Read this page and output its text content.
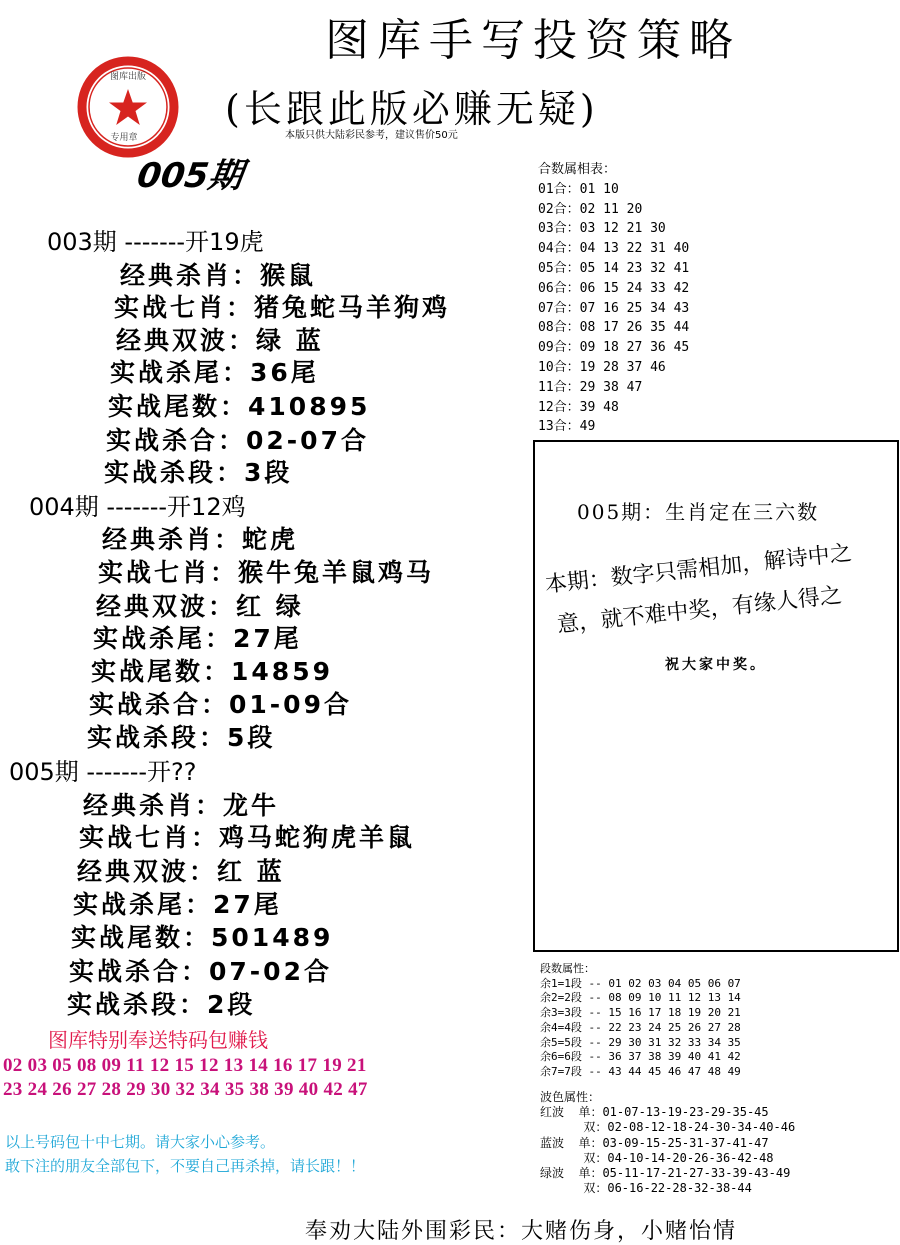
图库手写投资策略
(长跟此版必赚无疑)
本版只供大陆彩民参考，建议售价50元
图库出版
专用章
005期
003期 -------开19虎
经典杀肖：猴鼠
实战七肖：猪兔蛇马羊狗鸡
经典双波：绿 蓝
实战杀尾：36尾
实战尾数：410895
实战杀合：02-07合
实战杀段：3段
004期 -------开12鸡
经典杀肖：蛇虎
实战七肖：猴牛兔羊鼠鸡马
经典双波：红 绿
实战杀尾：27尾
实战尾数：14859
实战杀合：01-09合
实战杀段：5段
005期 -------开??
经典杀肖：龙牛
实战七肖：鸡马蛇狗虎羊鼠
经典双波：红 蓝
实战杀尾：27尾
实战尾数：501489
实战杀合：07-02合
实战杀段：2段
合数属相表：
01合：01 10
02合：02 11 20
03合：03 12 21 30
04合：04 13 22 31 40
05合：05 14 23 32 41
06合：06 15 24 33 42
07合：07 16 25 34 43
08合：08 17 26 35 44
09合：09 18 27 36 45
10合：19 28 37 46
11合：29 38 47
12合：39 48
13合：49
005期：生肖定在三六数
本期：数字只需相加，解诗中之
意，就不难中奖，有缘人得之
祝大家中奖。
段数属性：
余1=1段 -- 01 02 03 04 05 06 07
余2=2段 -- 08 09 10 11 12 13 14
余3=3段 -- 15 16 17 18 19 20 21
余4=4段 -- 22 23 24 25 26 27 28
余5=5段 -- 29 30 31 32 33 34 35
余6=6段 -- 36 37 38 39 40 41 42
余7=7段 -- 43 44 45 46 47 48 49
波色属性：
红波  单：01-07-13-19-23-29-35-45
双：02-08-12-18-24-30-34-40-46
蓝波  单：03-09-15-25-31-37-41-47
双：04-10-14-20-26-36-42-48
绿波  单：05-11-17-21-27-33-39-43-49
双：06-16-22-28-32-38-44
图库特别奉送特码包赚钱
02 03 05 08 09 11 12 15 12 13 14 16 17 19 21
23 24 26 27 28 29 30 32 34 35 38 39 40 42 47
以上号码包十中七期。请大家小心参考。
敢下注的朋友全部包下，不要自己再杀掉，请长跟！！
奉劝大陆外围彩民：大赌伤身，小赌怡情
